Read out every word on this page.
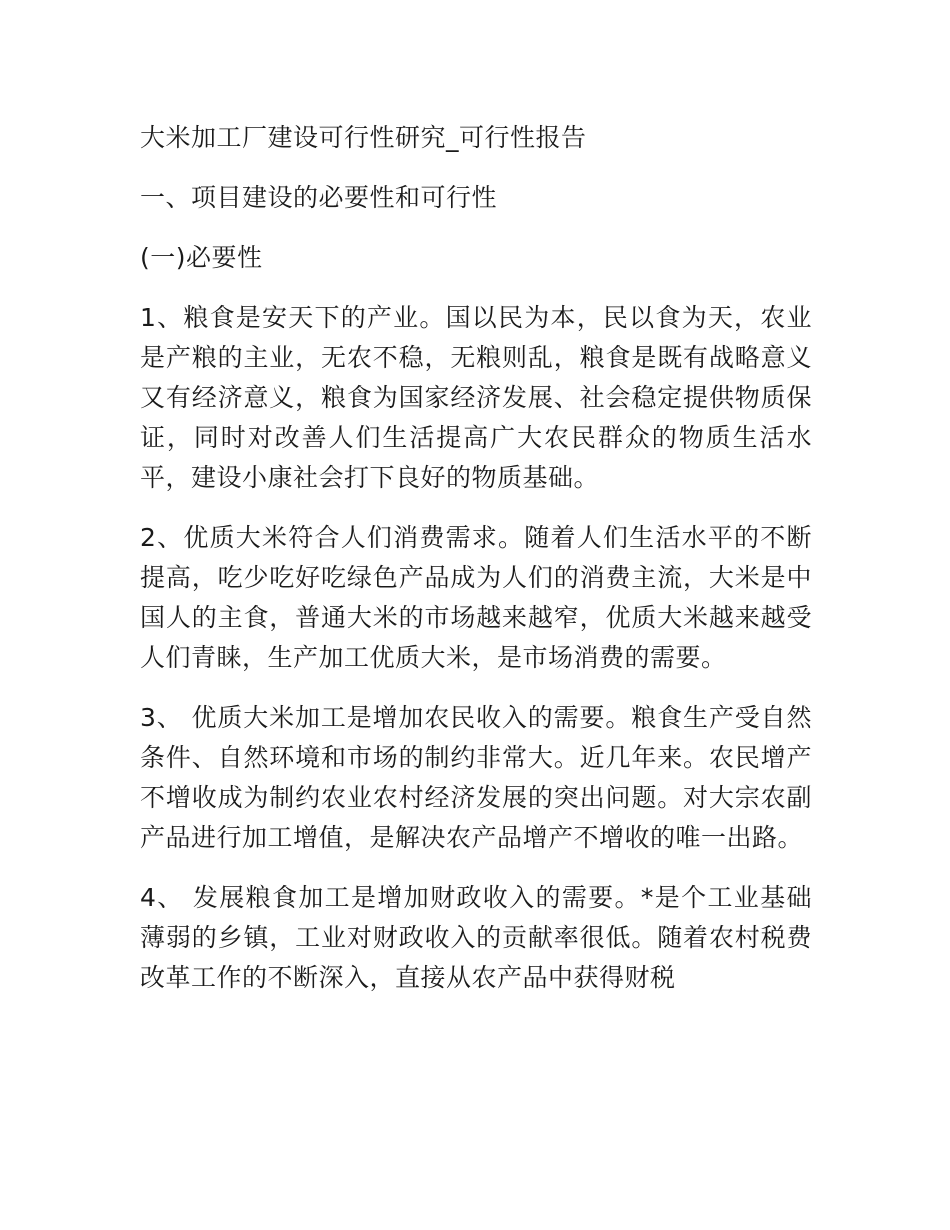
大米加工厂建设可行性研究_可行性报告

一、项目建设的必要性和可行性

(一)必要性

1、粮食是安天下的产业。国以民为本，民以食为天，农业是产粮的主业，无农不稳，无粮则乱，粮食是既有战略意义又有经济意义，粮食为国家经济发展、社会稳定提供物质保证，同时对改善人们生活提高广大农民群众的物质生活水平，建设小康社会打下良好的物质基础。

2、优质大米符合人们消费需求。随着人们生活水平的不断提高，吃少吃好吃绿色产品成为人们的消费主流，大米是中国人的主食，普通大米的市场越来越窄，优质大米越来越受人们青睐，生产加工优质大米，是市场消费的需要。

3、 优质大米加工是增加农民收入的需要。粮食生产受自然条件、自然环境和市场的制约非常大。近几年来。农民增产不增收成为制约农业农村经济发展的突出问题。对大宗农副产品进行加工增值，是解决农产品增产不增收的唯一出路。

4、 发展粮食加工是增加财政收入的需要。*是个工业基础薄弱的乡镇，工业对财政收入的贡献率很低。随着农村税费改革工作的不断深入，直接从农产品中获得财税
